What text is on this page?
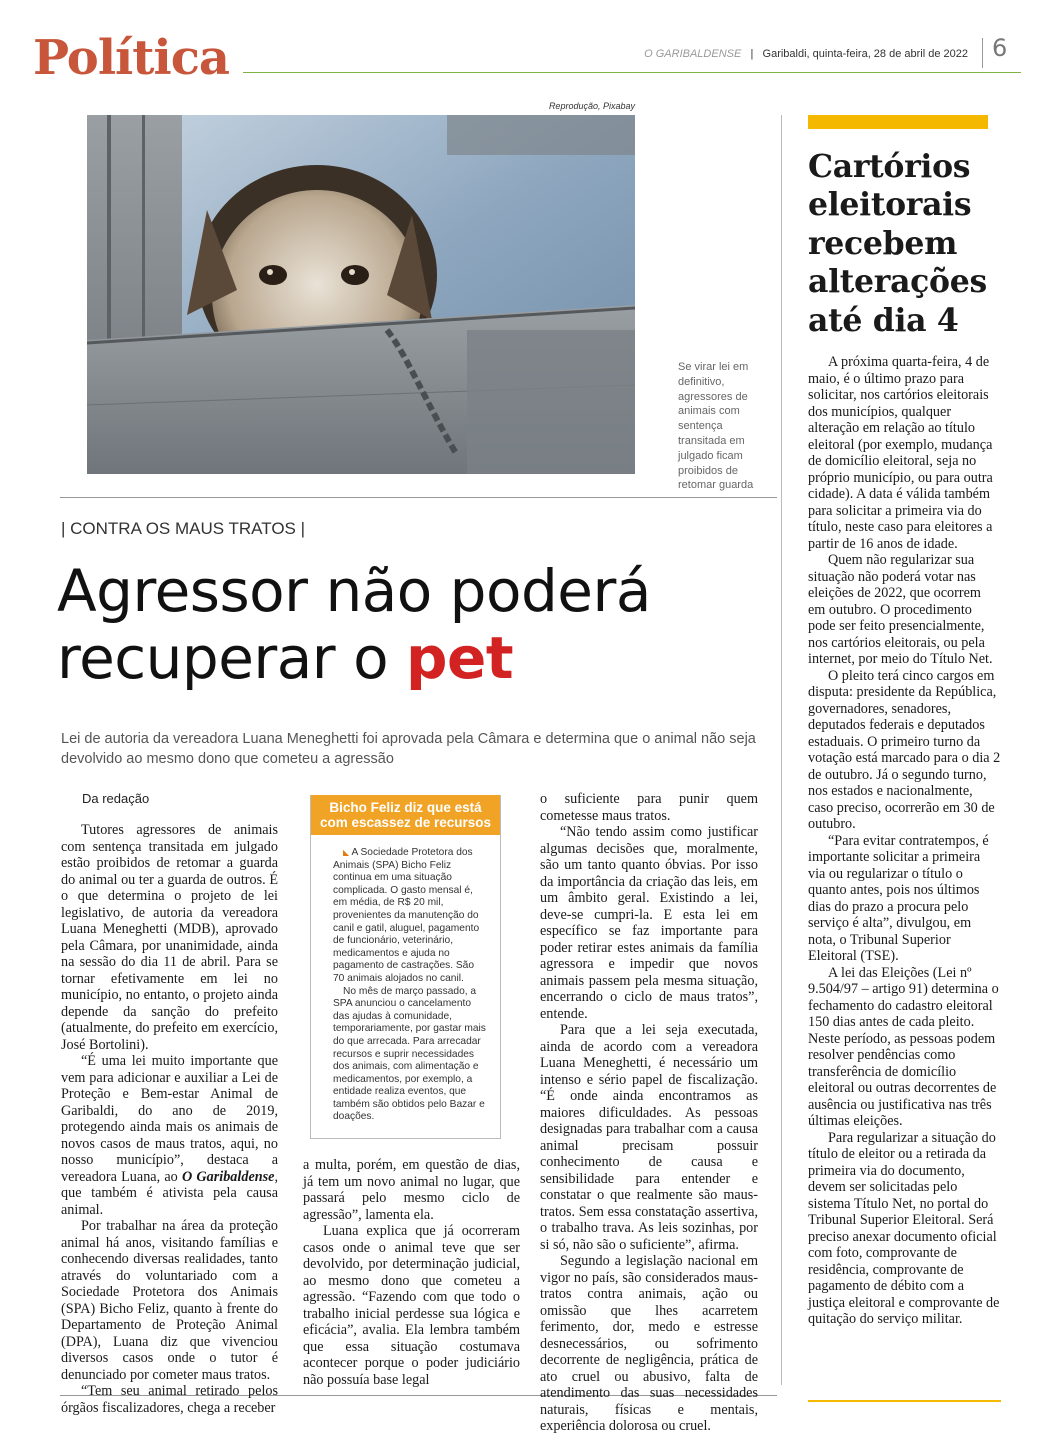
Política	O GARIBALDENSE | Garibaldi, quinta-feira, 28 de abril de 2022 6
Reprodução, Pixabay
Se virar lei em definitivo, agressores de animais com sentença transitada em julgado ficam proibidos de retomar guarda
| CONTRA OS MAUS TRATOS |
Agressor não poderá recuperar o pet
Lei de autoria da vereadora Luana Meneghetti foi aprovada pela Câmara e determina que o animal não seja devolvido ao mesmo dono que cometeu a agressão
Da redação

Tutores agressores de animais com sentença transitada em julgado estão proibidos de retomar a guarda do animal ou ter a guarda de outros. É o que determina o projeto de lei legislativo, de autoria da vereadora Luana Meneghetti (MDB), aprovado pela Câmara, por unanimidade, ainda na sessão do dia 11 de abril. Para se tornar efetivamente em lei no município, no entanto, o projeto ainda depende da sanção do prefeito (atualmente, do prefeito em exercício, José Bortolini).

“É uma lei muito importante que vem para adicionar e auxiliar a Lei de Proteção e Bem-estar Animal de Garibaldi, do ano de 2019, protegendo ainda mais os animais de novos casos de maus tratos, aqui, no nosso município”, destaca a vereadora Luana, ao O Garibaldense, que também é ativista pela causa animal.

Por trabalhar na área da proteção animal há anos, visitando famílias e conhecendo diversas realidades, tanto através do voluntariado com a Sociedade Protetora dos Animais (SPA) Bicho Feliz, quanto à frente do Departamento de Proteção Animal (DPA), Luana diz que vivenciou diversos casos onde o tutor é denunciado por cometer maus tratos.

“Tem seu animal retirado pelos órgãos fiscalizadores, chega a receber

Bicho Feliz diz que está com escassez de recursos

◣ A Sociedade Protetora dos Animais (SPA) Bicho Feliz continua em uma situação complicada. O gasto mensal é, em média, de R$ 20 mil, provenientes da manutenção do canil e gatil, aluguel, pagamento de funcionário, veterinário, medicamentos e ajuda no pagamento de castrações. São 70 animais alojados no canil.

No mês de março passado, a SPA anunciou o cancelamento das ajudas à comunidade, temporariamente, por gastar mais do que arrecada. Para arrecadar recursos e suprir necessidades dos animais, com alimentação e medicamentos, por exemplo, a entidade realiza eventos, que também são obtidos pelo Bazar e doações.

a multa, porém, em questão de dias, já tem um novo animal no lugar, que passará pelo mesmo ciclo de agressão”, lamenta ela.

Luana explica que já ocorreram casos onde o animal teve que ser devolvido, por determinação judicial, ao mesmo dono que cometeu a agressão. “Fazendo com que todo o trabalho inicial perdesse sua lógica e eficácia”, avalia. Ela lembra também que essa situação costumava acontecer porque o poder judiciário não possuía base legal

o suficiente para punir quem cometesse maus tratos.

“Não tendo assim como justificar algumas decisões que, moralmente, são um tanto quanto óbvias. Por isso da importância da criação das leis, em um âmbito geral. Existindo a lei, deve-se cumpri-la. E esta lei em específico se faz importante para poder retirar estes animais da família agressora e impedir que novos animais passem pela mesma situação, encerrando o ciclo de maus tratos”, entende.

Para que a lei seja executada, ainda de acordo com a vereadora Luana Meneghetti, é necessário um intenso e sério papel de fiscalização. “É onde ainda encontramos as maiores dificuldades. As pessoas designadas para trabalhar com a causa animal precisam possuir conhecimento de causa e sensibilidade para entender e constatar o que realmente são maus-tratos. Sem essa constatação assertiva, o trabalho trava. As leis sozinhas, por si só, não são o suficiente”, afirma.

Segundo a legislação nacional em vigor no país, são considerados maus-tratos contra animais, ação ou omissão que lhes acarretem ferimento, dor, medo e estresse desnecessários, ou sofrimento decorrente de negligência, prática de ato cruel ou abusivo, falta de atendimento das suas necessidades naturais, físicas e mentais, experiência dolorosa ou cruel.

Cartórios eleitorais recebem alterações até dia 4

A próxima quarta-feira, 4 de maio, é o último prazo para solicitar, nos cartórios eleitorais dos municípios, qualquer alteração em relação ao título eleitoral (por exemplo, mudança de domicílio eleitoral, seja no próprio município, ou para outra cidade). A data é válida também para solicitar a primeira via do título, neste caso para eleitores a partir de 16 anos de idade.

Quem não regularizar sua situação não poderá votar nas eleições de 2022, que ocorrem em outubro. O procedimento pode ser feito presencialmente, nos cartórios eleitorais, ou pela internet, por meio do Título Net.

O pleito terá cinco cargos em disputa: presidente da República, governadores, senadores, deputados federais e deputados estaduais. O primeiro turno da votação está marcado para o dia 2 de outubro. Já o segundo turno, nos estados e nacionalmente, caso preciso, ocorrerão em 30 de outubro.

“Para evitar contratempos, é importante solicitar a primeira via ou regularizar o título o quanto antes, pois nos últimos dias do prazo a procura pelo serviço é alta”, divulgou, em nota, o Tribunal Superior Eleitoral (TSE).

A lei das Eleições (Lei nº 9.504/97 – artigo 91) determina o fechamento do cadastro eleitoral 150 dias antes de cada pleito. Neste período, as pessoas podem resolver pendências como transferência de domicílio eleitoral ou outras decorrentes de ausência ou justificativa nas três últimas eleições.

Para regularizar a situação do título de eleitor ou a retirada da primeira via do documento, devem ser solicitadas pelo sistema Título Net, no portal do Tribunal Superior Eleitoral. Será preciso anexar documento oficial com foto, comprovante de residência, comprovante de pagamento de débito com a justiça eleitoral e comprovante de quitação do serviço militar.
